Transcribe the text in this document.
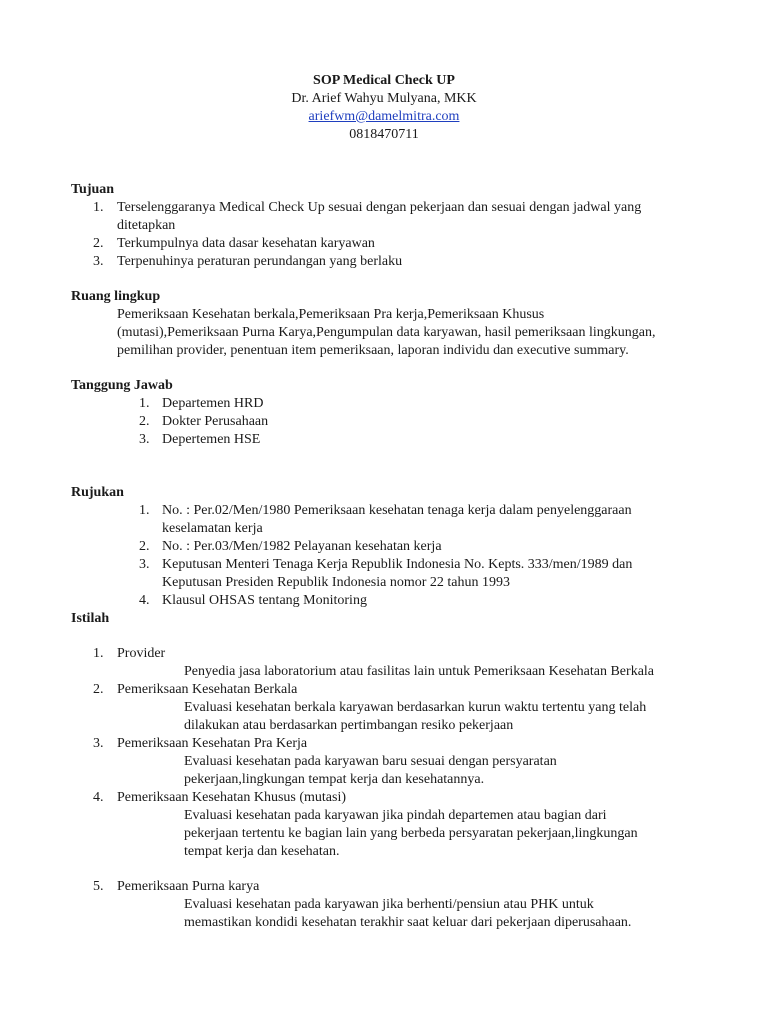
SOP Medical Check UP
Dr. Arief Wahyu Mulyana, MKK
ariefwm@damelmitra.com
0818470711
Tujuan
1. Terselenggaranya Medical Check Up sesuai dengan pekerjaan dan sesuai dengan jadwal yang
ditetapkan
2. Terkumpulnya data dasar kesehatan karyawan
3. Terpenuhinya peraturan perundangan yang berlaku
Ruang lingkup
Pemeriksaan Kesehatan berkala,Pemeriksaan Pra kerja,Pemeriksaan Khusus
(mutasi),Pemeriksaan Purna Karya,Pengumpulan data karyawan, hasil pemeriksaan lingkungan,
pemilihan provider, penentuan item pemeriksaan, laporan individu dan executive summary.
Tanggung Jawab
1. Departemen HRD
2. Dokter Perusahaan
3. Depertemen HSE
Rujukan
1. No. : Per.02/Men/1980 Pemeriksaan kesehatan tenaga kerja dalam penyelenggaraan
keselamatan kerja
2. No. : Per.03/Men/1982 Pelayanan kesehatan kerja
3. Keputusan Menteri Tenaga Kerja Republik Indonesia No. Kepts. 333/men/1989 dan
Keputusan Presiden Republik Indonesia nomor 22 tahun 1993
4. Klausul OHSAS tentang Monitoring
Istilah
1. Provider
Penyedia jasa laboratorium atau fasilitas lain untuk Pemeriksaan Kesehatan Berkala
2. Pemeriksaan Kesehatan Berkala
Evaluasi kesehatan berkala karyawan berdasarkan kurun waktu tertentu yang telah
dilakukan atau berdasarkan pertimbangan resiko pekerjaan
3. Pemeriksaan Kesehatan Pra Kerja
Evaluasi kesehatan pada karyawan baru sesuai dengan persyaratan
pekerjaan,lingkungan tempat kerja dan kesehatannya.
4. Pemeriksaan Kesehatan Khusus (mutasi)
Evaluasi kesehatan pada karyawan jika pindah departemen atau bagian dari
pekerjaan tertentu ke bagian lain yang berbeda persyaratan pekerjaan,lingkungan
tempat kerja dan kesehatan.
5. Pemeriksaan Purna karya
Evaluasi kesehatan pada karyawan jika berhenti/pensiun atau PHK untuk
memastikan kondidi kesehatan terakhir saat keluar dari pekerjaan diperusahaan.
